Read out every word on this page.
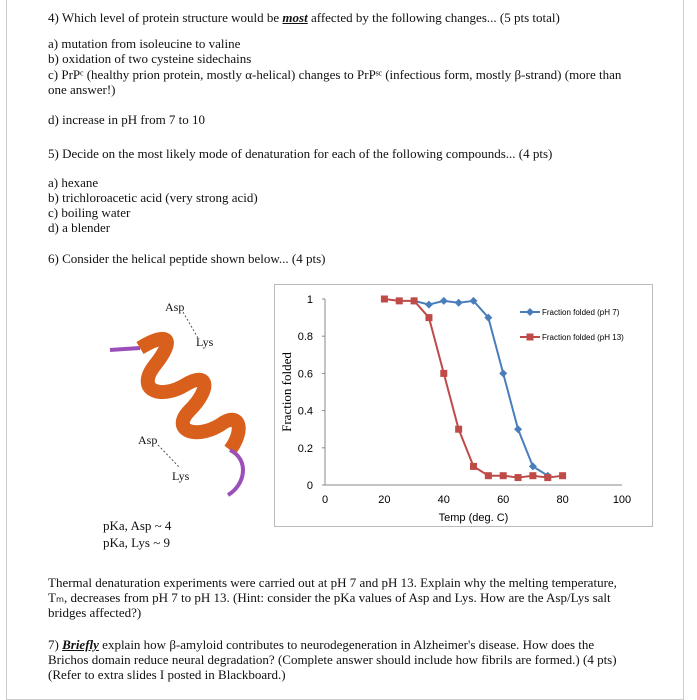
4) Which level of protein structure would be most affected by the following changes... (5 pts total)
a) mutation from isoleucine to valine
b) oxidation of two cysteine sidechains
c) PrPᶜ (healthy prion protein, mostly α-helical) changes to PrPˢᶜ (infectious form, mostly β-strand) (more than
one answer!)
d) increase in pH from 7 to 10
5) Decide on the most likely mode of denaturation for each of the following compounds... (4 pts)
a) hexane
b) trichloroacetic acid (very strong acid)
c) boiling water
d) a blender
6) Consider the helical peptide shown below... (4 pts)
Asp
Lys
Asp
Lys
0
0.2
0.4
0.6
0.8
1
0	20	40	60	80	100
Temp (deg. C)
Fraction folded
Fraction folded (pH 7)
Fraction folded (pH 13)
pKa, Asp ~ 4
pKa, Lys ~ 9
Thermal denaturation experiments were carried out at pH 7 and pH 13. Explain why the melting temperature,
Tₘ, decreases from pH 7 to pH 13. (Hint: consider the pKa values of Asp and Lys. How are the Asp/Lys salt
bridges affected?)
7) Briefly explain how β-amyloid contributes to neurodegeneration in Alzheimer's disease. How does the
Brichos domain reduce neural degradation? (Complete answer should include how fibrils are formed.) (4 pts)
(Refer to extra slides I posted in Blackboard.)
